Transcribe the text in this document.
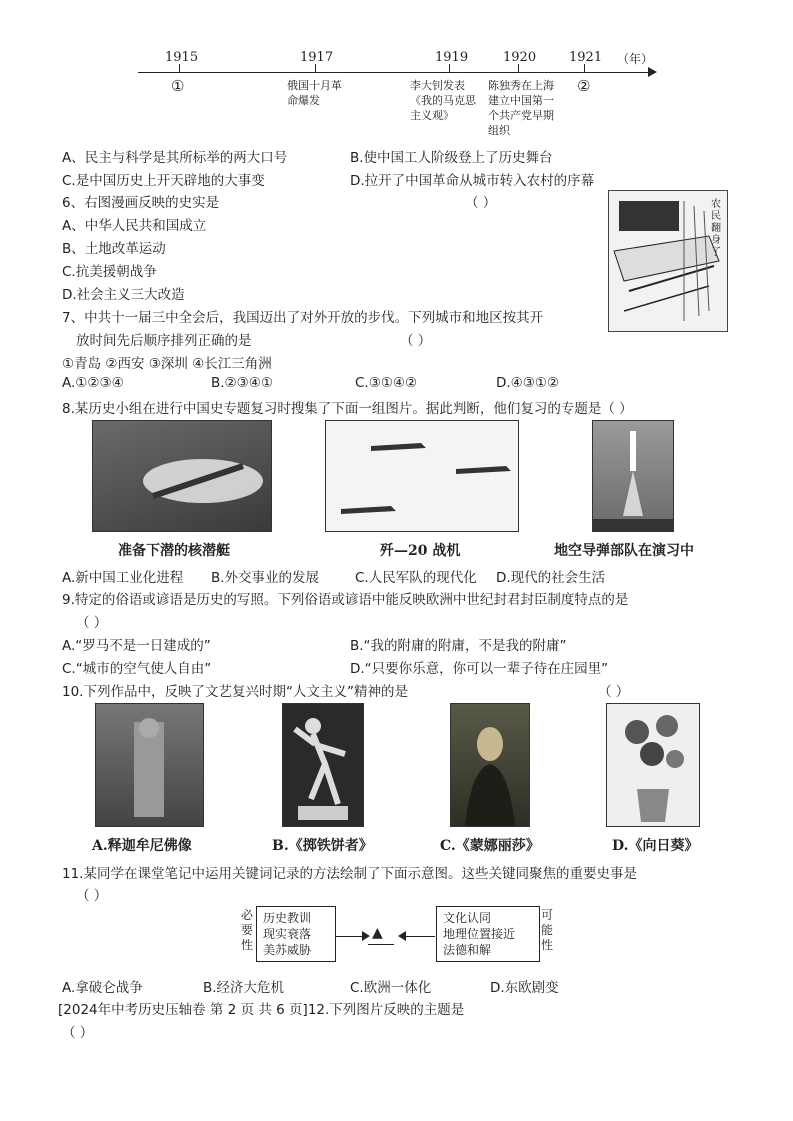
1915	1917	1919	1920	1921 （年）
①	②
俄国十月革命爆发
李大钊发表《我的马克思主义观》
陈独秀在上海建立中国第一个共产党早期组织
A、民主与科学是其所标举的两大口号	B.使中国工人阶级登上了历史舞台
C.是中国历史上开天辟地的大事变	D.拉开了中国革命从城市转入农村的序幕
6、右图漫画反映的史实是	（ ）
A、中华人民共和国成立
B、土地改革运动
C.抗美援朝战争
D.社会主义三大改造
农民翻身了
7、中共十一届三中全会后，我国迈出了对外开放的步伐。下列城市和地区按其开
放时间先后顺序排列正确的是	（ ）
①青岛 ②西安 ③深圳 ④长江三角洲
A.①②③④	B.②③④①	C.③①④②	D.④③①②
8.某历史小组在进行中国史专题复习时搜集了下面一组图片。据此判断，他们复习的专题是（ ）
准备下潜的核潜艇	歼—20 战机	地空导弹部队在演习中
A.新中国工业化进程 B.外交事业的发展	C.人民军队的现代化 D.现代的社会生活
9.特定的俗语或谚语是历史的写照。下列俗语或谚语中能反映欧洲中世纪封君封臣制度特点的是
（ ）
A.“罗马不是一日建成的”	B.“我的附庸的附庸，不是我的附庸”
C.“城市的空气使人自由”	D.“只要你乐意，你可以一辈子待在庄园里”
10.下列作品中，反映了文艺复兴时期“人文主义”精神的是	（ ）
A.释迦牟尼佛像	B.《掷铁饼者》	C.《蒙娜丽莎》	D.《向日葵》
11.某同学在课堂笔记中运用关键词记录的方法绘制了下面示意图。这些关键同聚焦的重要史事是
（ ）
必要性
历史教训
现实衰落
美苏威胁
▲
文化认同
地理位置接近
法德和解
可能性
A.拿破仑战争	B.经济大危机	C.欧洲一体化	D.东欧剧变
[2024年中考历史压轴卷 第 2 页 共 6 页]12.下列图片反映的主题是
（ ）
